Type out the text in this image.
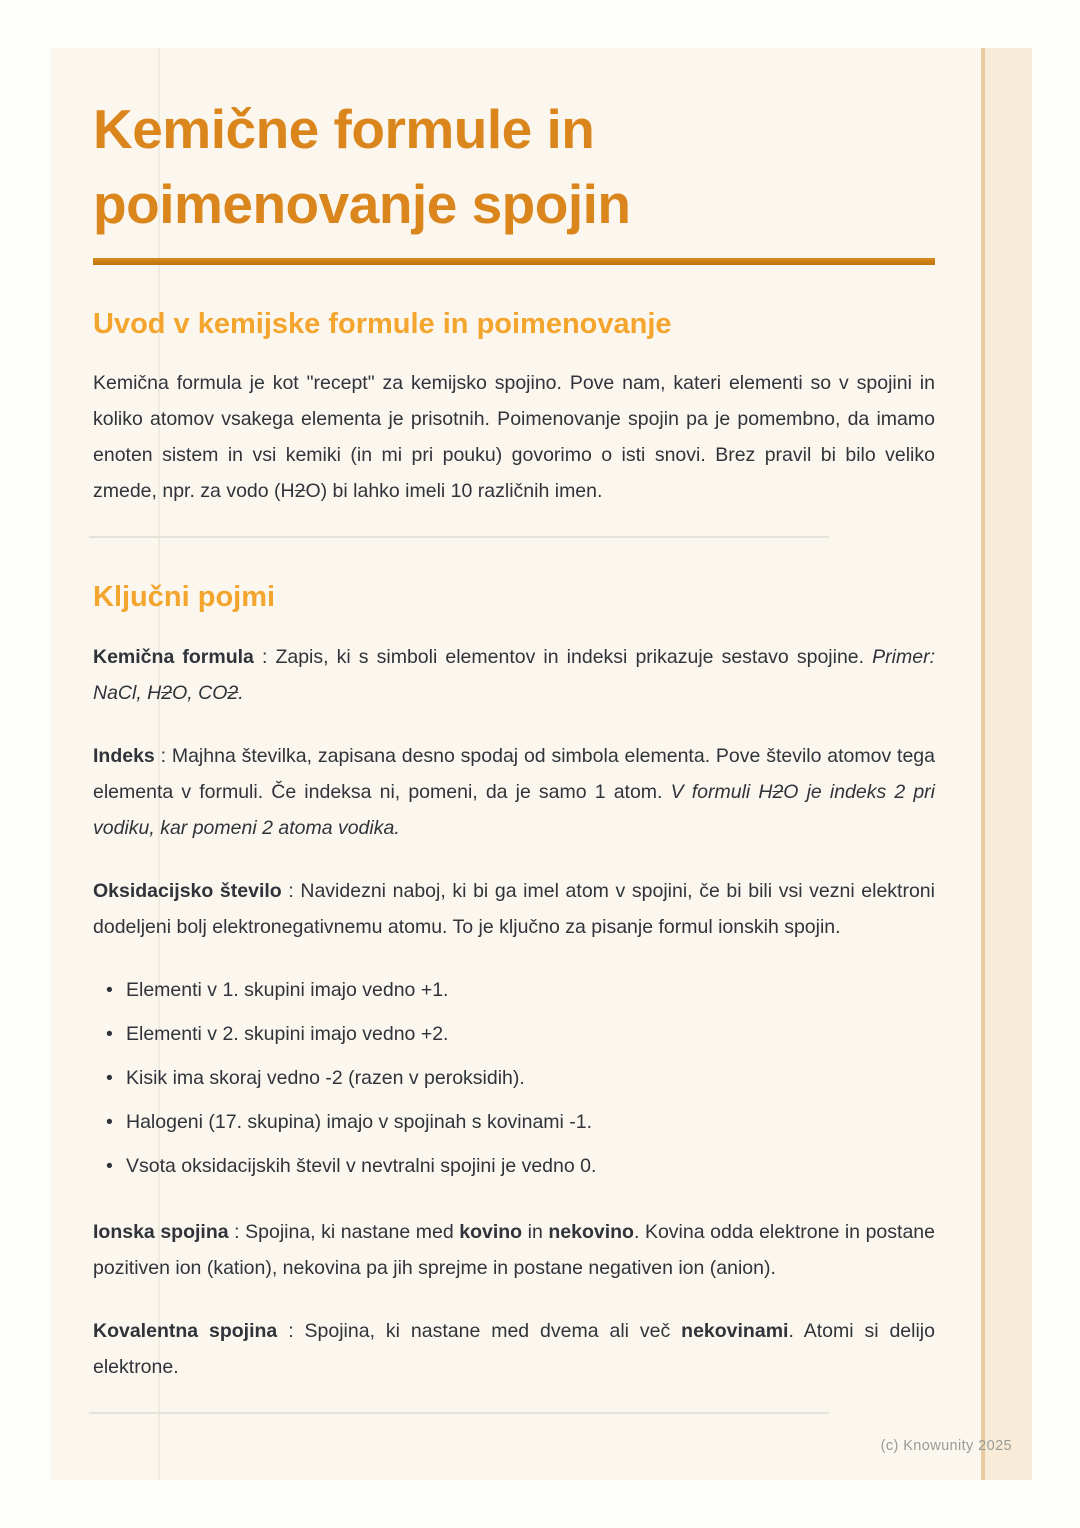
Kemične formule in poimenovanje spojin
Uvod v kemijske formule in poimenovanje

Kemična formula je kot "recept" za kemijsko spojino. Pove nam, kateri elementi so v spojini in koliko atomov vsakega elementa je prisotnih. Poimenovanje spojin pa je pomembno, da imamo enoten sistem in vsi kemiki (in mi pri pouku) govorimo o isti snovi. Brez pravil bi bilo veliko zmede, npr. za vodo (H2O) bi lahko imeli 10 različnih imen.

Ključni pojmi

Kemična formula : Zapis, ki s simboli elementov in indeksi prikazuje sestavo spojine. Primer: NaCl, H2O, CO2.

Indeks : Majhna številka, zapisana desno spodaj od simbola elementa. Pove število atomov tega elementa v formuli. Če indeksa ni, pomeni, da je samo 1 atom. V formuli H2O je indeks 2 pri vodiku, kar pomeni 2 atoma vodika.

Oksidacijsko število : Navidezni naboj, ki bi ga imel atom v spojini, če bi bili vsi vezni elektroni dodeljeni bolj elektronegativnemu atomu. To je ključno za pisanje formul ionskih spojin.

• Elementi v 1. skupini imajo vedno +1.
• Elementi v 2. skupini imajo vedno +2.
• Kisik ima skoraj vedno -2 (razen v peroksidih).
• Halogeni (17. skupina) imajo v spojinah s kovinami -1.
• Vsota oksidacijskih števil v nevtralni spojini je vedno 0.

Ionska spojina : Spojina, ki nastane med kovino in nekovino. Kovina odda elektrone in postane pozitiven ion (kation), nekovina pa jih sprejme in postane negativen ion (anion).

Kovalentna spojina : Spojina, ki nastane med dvema ali več nekovinami. Atomi si delijo elektrone.

(c) Knowunity 2025
